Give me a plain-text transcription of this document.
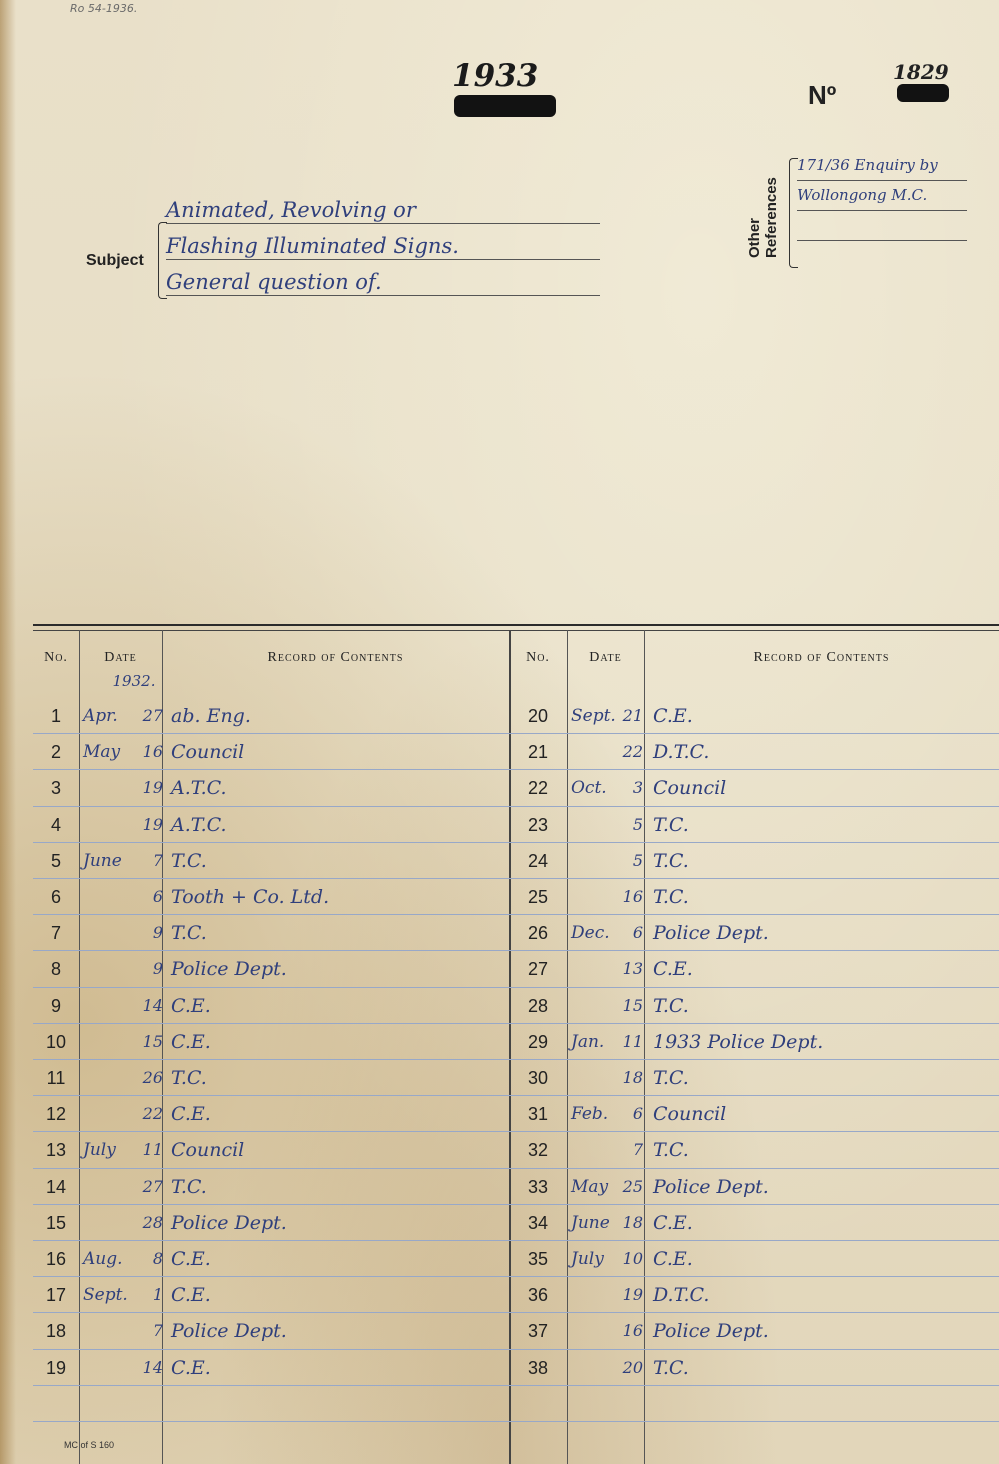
Ro 54-1936.
1933
Nº
1829
Subject
Animated, Revolving or
Flashing Illuminated Signs.
General question of.
Other References
171/36 Enquiry by
Wollongong M.C.
No.	Date	Record of Contents	No.	Date	Record of Contents
1932.
1	Apr.	27 ab. Eng.
2	May	16 Council
3	19 A.T.C.
4	19 A.T.C.
5	June	7 T.C.
6	6 Tooth + Co. Ltd.
7	9 T.C.
8	9 Police Dept.
9	14 C.E.
10	15 C.E.
11	26 T.C.
12	22 C.E.
13 July	11 Council
14	27 T.C.
15	28 Police Dept.
16 Aug.	8 C.E.
17 Sept.	1 C.E.
18	7 Police Dept.
19	14 C.E.
20	Sept. 21 C.E.
21	22 D.T.C.
22	Oct.	3 Council
23	5 T.C.
24	5 T.C.
25	16 T.C.
26	Dec.	6 Police Dept.
27	13 C.E.
28	15 T.C.
29	Jan.	11 1933 Police Dept.
30	18 T.C.
31	Feb.	6 Council
32	7 T.C.
33	May 25 Police Dept.
34	June 18 C.E.
35	July	10 C.E.
36	19 D.T.C.
37	16 Police Dept.
38	20 T.C.
MC of S 160
